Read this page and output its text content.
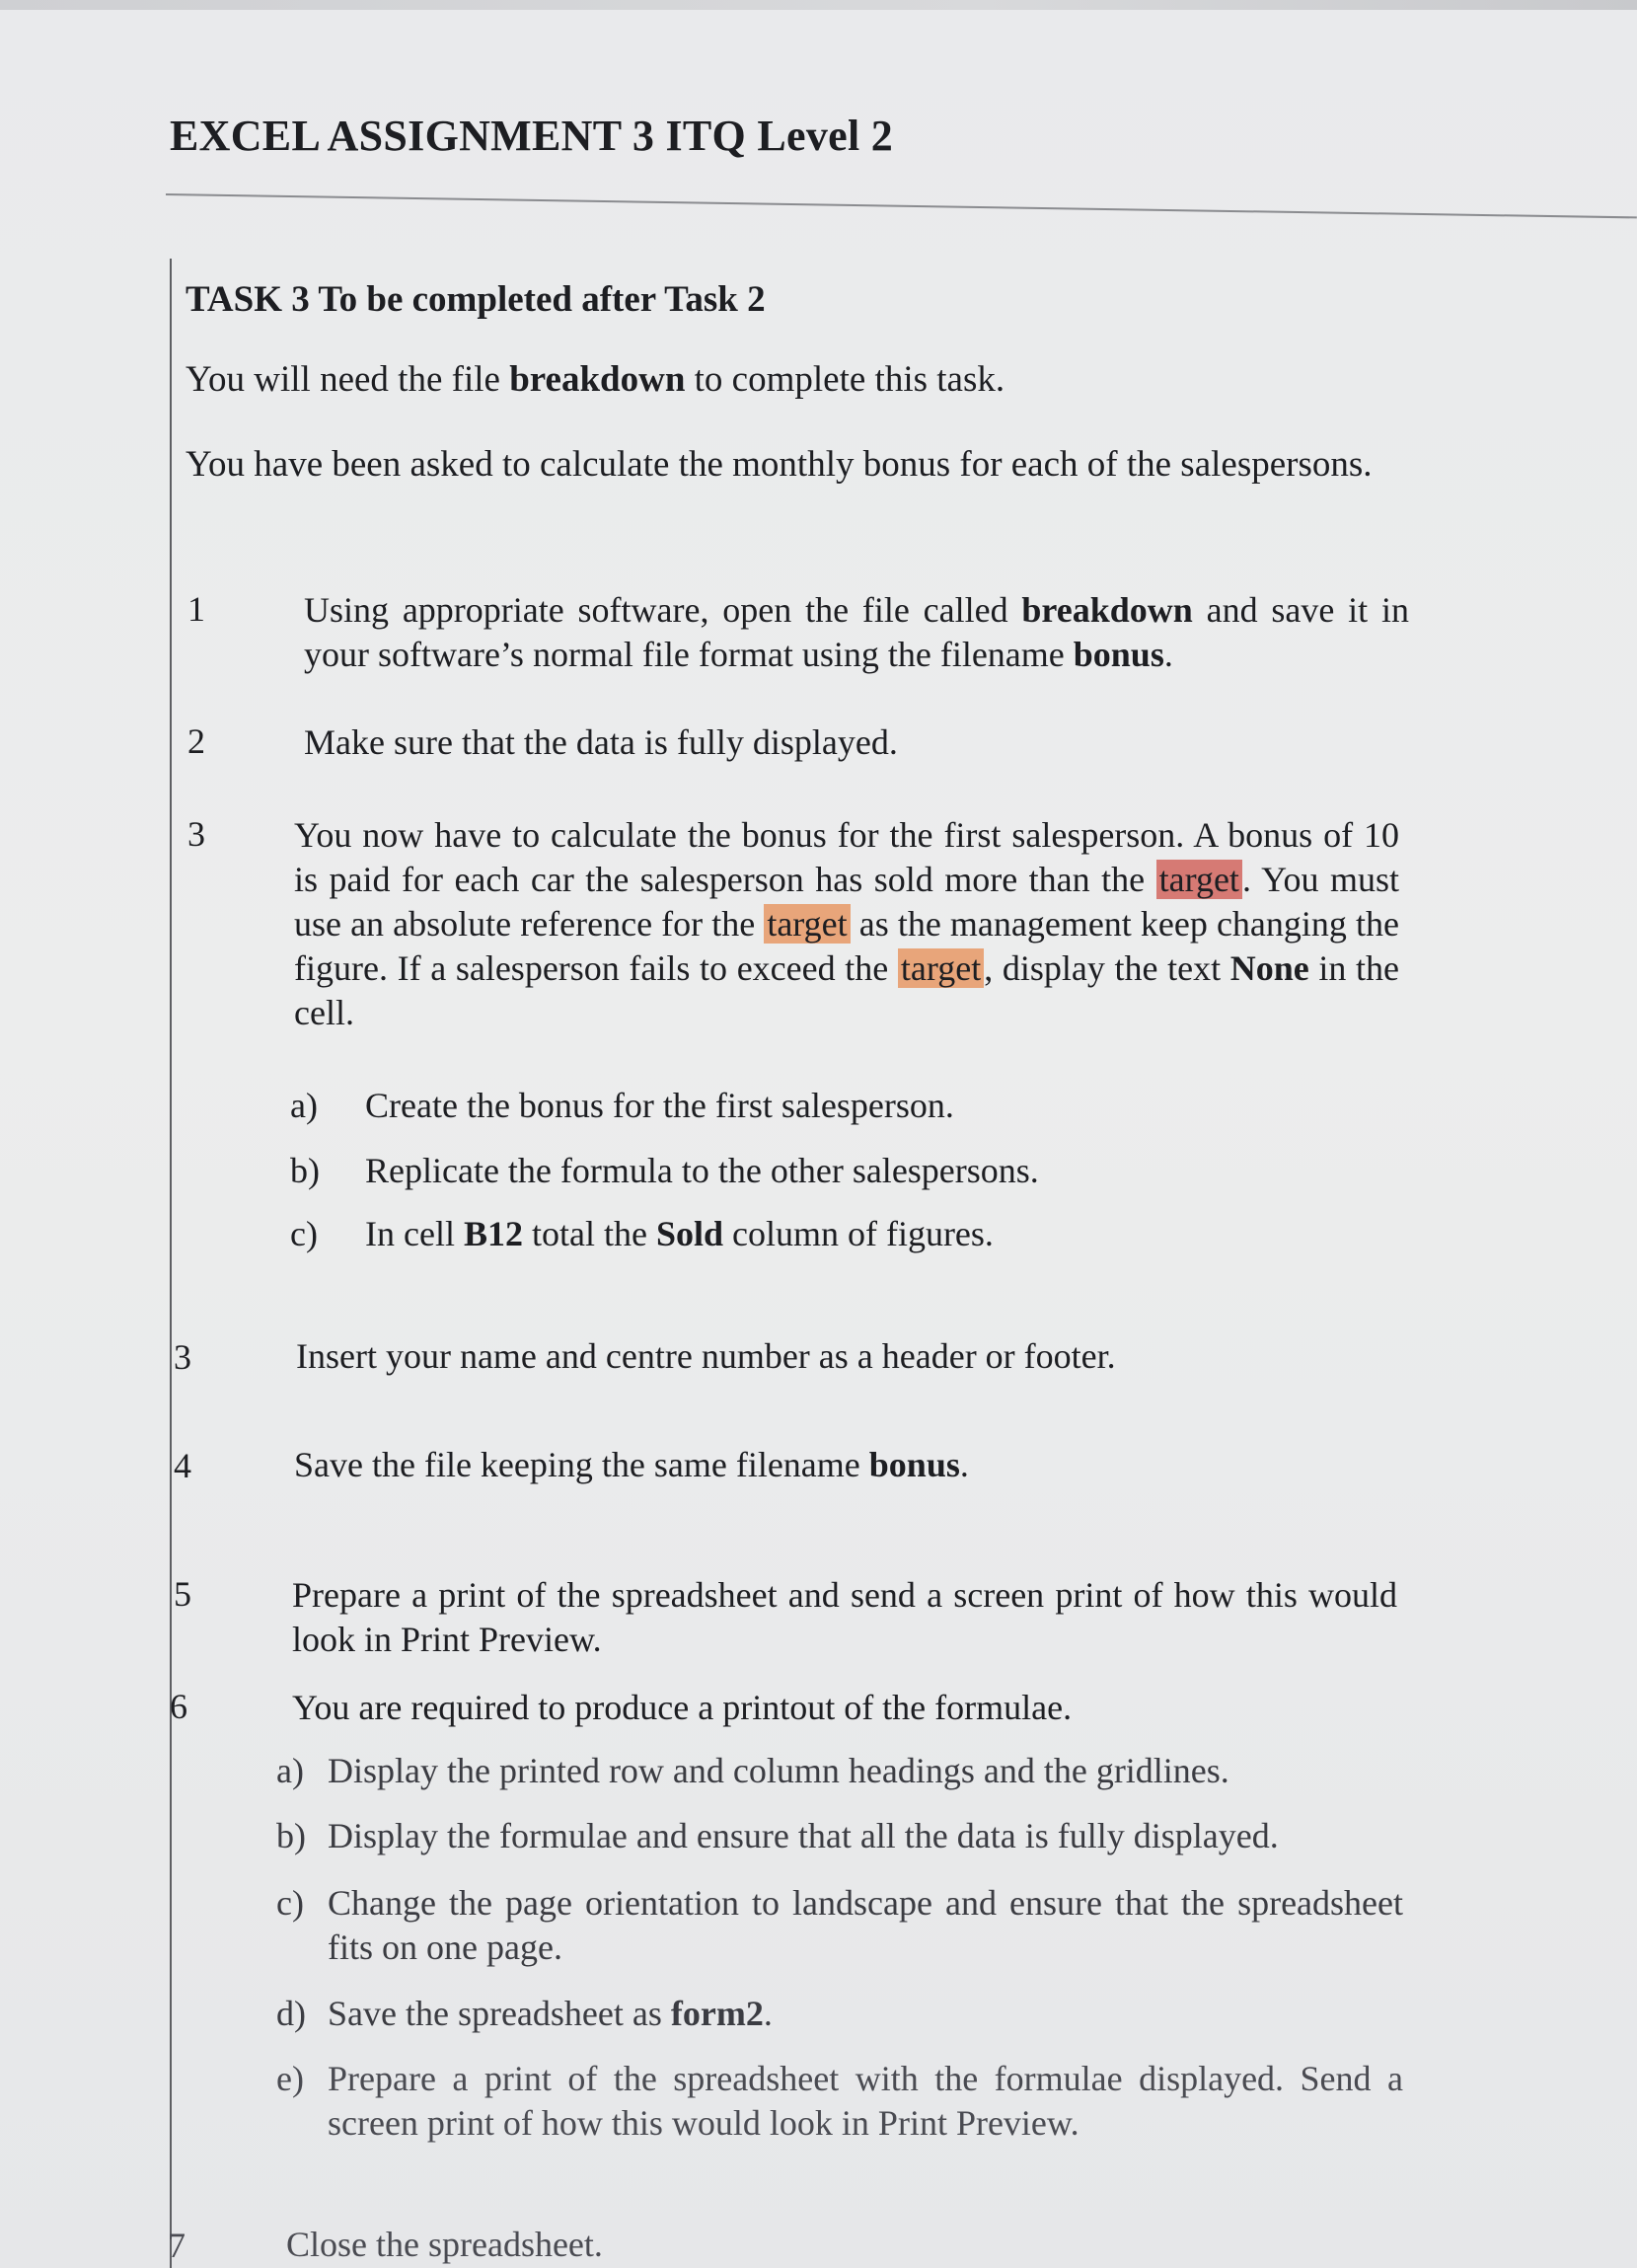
EXCEL ASSIGNMENT 3 ITQ Level 2
TASK 3 To be completed after Task 2

You will need the file breakdown to complete this task.

You have been asked to calculate the monthly bonus for each of the salespersons.

1	Using appropriate software, open the file called breakdown and save it in your software’s normal file format using the filename bonus.

2	Make sure that the data is fully displayed.

3	You now have to calculate the bonus for the first salesperson. A bonus of 10 is paid for each car the salesperson has sold more than the target. You must use an absolute reference for the target as the management keep changing the figure. If a salesperson fails to exceed the target, display the text None in the cell.

a) Create the bonus for the first salesperson.
b) Replicate the formula to the other salespersons.
c) In cell B12 total the Sold column of figures.
3	Insert your name and centre number as a header or footer.

4	Save the file keeping the same filename bonus.

5	Prepare a print of the spreadsheet and send a screen print of how this would look in Print Preview.

6	You are required to produce a printout of the formulae.

a) Display the printed row and column headings and the gridlines.
b) Display the formulae and ensure that all the data is fully displayed.
c) Change the page orientation to landscape and ensure that the spreadsheet fits on one page.
d) Save the spreadsheet as form2.
e) Prepare a print of the spreadsheet with the formulae displayed. Send a screen print of how this would look in Print Preview.
7	Close the spreadsheet.
